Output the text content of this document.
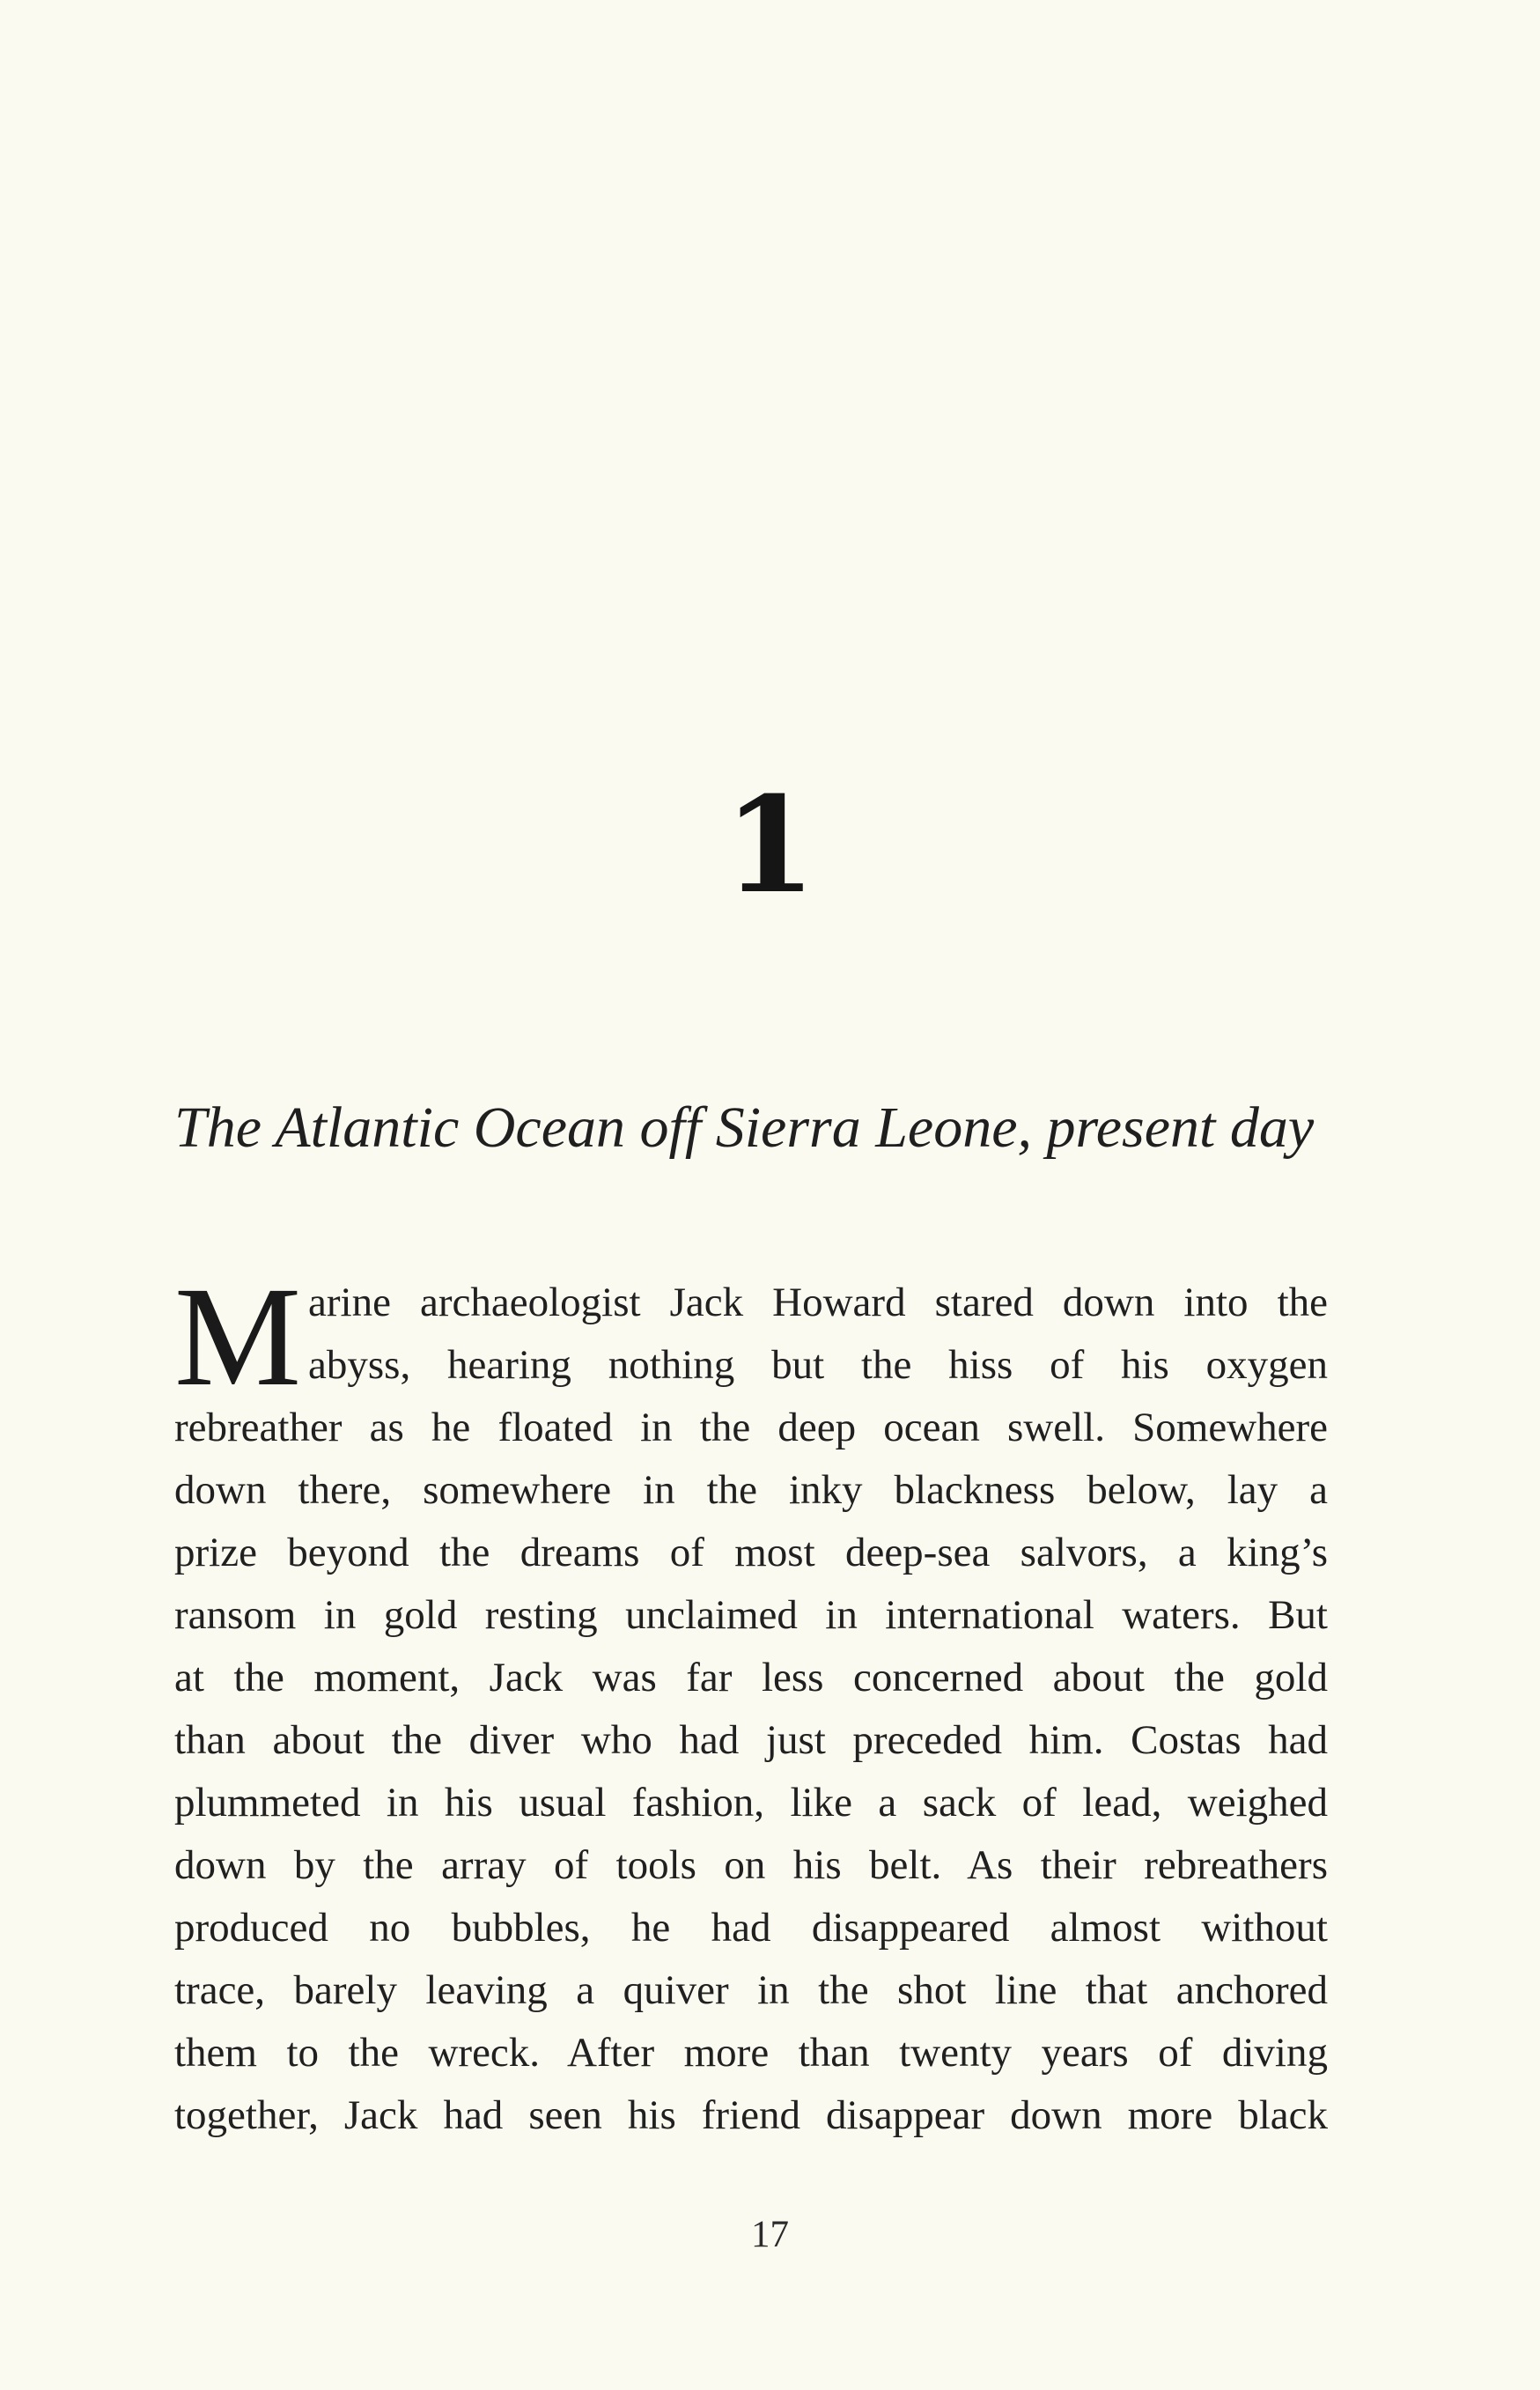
1
The Atlantic Ocean off Sierra Leone, present day
M arine archaeologist Jack Howard stared down into the
abyss, hearing nothing but the hiss of his oxygen
rebreather as he floated in the deep ocean swell. Somewhere
down there, somewhere in the inky blackness below, lay a
prize beyond the dreams of most deep-sea salvors, a king’s
ransom in gold resting unclaimed in international waters. But
at the moment, Jack was far less concerned about the gold
than about the diver who had just preceded him. Costas had
plummeted in his usual fashion, like a sack of lead, weighed
down by the array of tools on his belt. As their rebreathers
produced no bubbles, he had disappeared almost without
trace, barely leaving a quiver in the shot line that anchored
them to the wreck. After more than twenty years of diving
together, Jack had seen his friend disappear down more black
17
